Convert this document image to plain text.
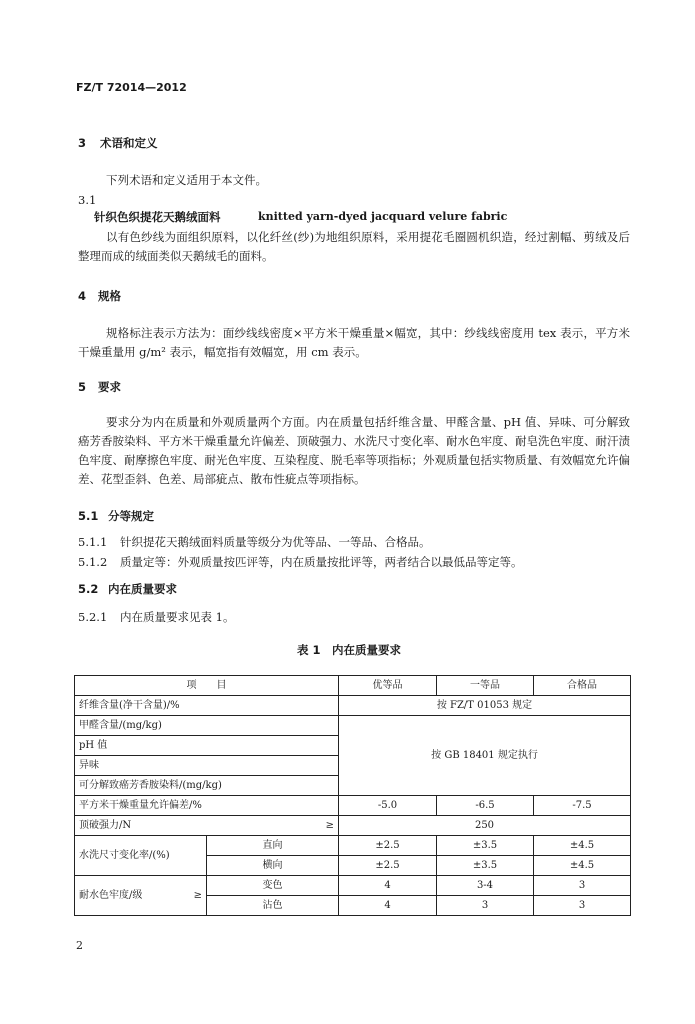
FZ/T 72014—2012
3 术语和定义
下列术语和定义适用于本文件。
3.1
针织色织提花天鹅绒面料	knitted yarn-dyed jacquard velure fabric
以有色纱线为面组织原料，以化纤丝(纱)为地组织原料，采用提花毛圈圆机织造，经过割幅、剪绒及后整理而成的绒面类似天鹅绒毛的面料。
4 规格
规格标注表示方法为：面纱线线密度×平方米干燥重量×幅宽，其中：纱线线密度用 tex 表示，平方米干燥重量用 g/m² 表示，幅宽指有效幅宽，用 cm 表示。
5 要求
要求分为内在质量和外观质量两个方面。内在质量包括纤维含量、甲醛含量、pH 值、异味、可分解致癌芳香胺染料、平方米干燥重量允许偏差、顶破强力、水洗尺寸变化率、耐水色牢度、耐皂洗色牢度、耐汗渍色牢度、耐摩擦色牢度、耐光色牢度、互染程度、脱毛率等项指标；外观质量包括实物质量、有效幅宽允许偏差、花型歪斜、色差、局部疵点、散布性疵点等项指标。
5.1 分等规定
5.1.1 针织提花天鹅绒面料质量等级分为优等品、一等品、合格品。
5.1.2 质量定等：外观质量按匹评等，内在质量按批评等，两者结合以最低品等定等。
5.2 内在质量要求
5.2.1 内在质量要求见表 1。
表 1　内在质量要求
项　　目		优等品	一等品	合格品
纤维含量(净干含量)/%		按 FZ/T 01053 规定		
甲醛含量/(mg/kg)		按 GB 18401 规定执行		
pH 值				
异味				
可分解致癌芳香胺染料/(mg/kg)				
平方米干燥重量允许偏差/%		-5.0	-6.5	-7.5
顶破强力/N ≥		250		
水洗尺寸变化率/(%)	直向	±2.5	±3.5	±4.5
	横向	±2.5	±3.5	±4.5
耐水色牢度/级 ≥	变色	4	3-4	3
	沾色	4	3	3
2
